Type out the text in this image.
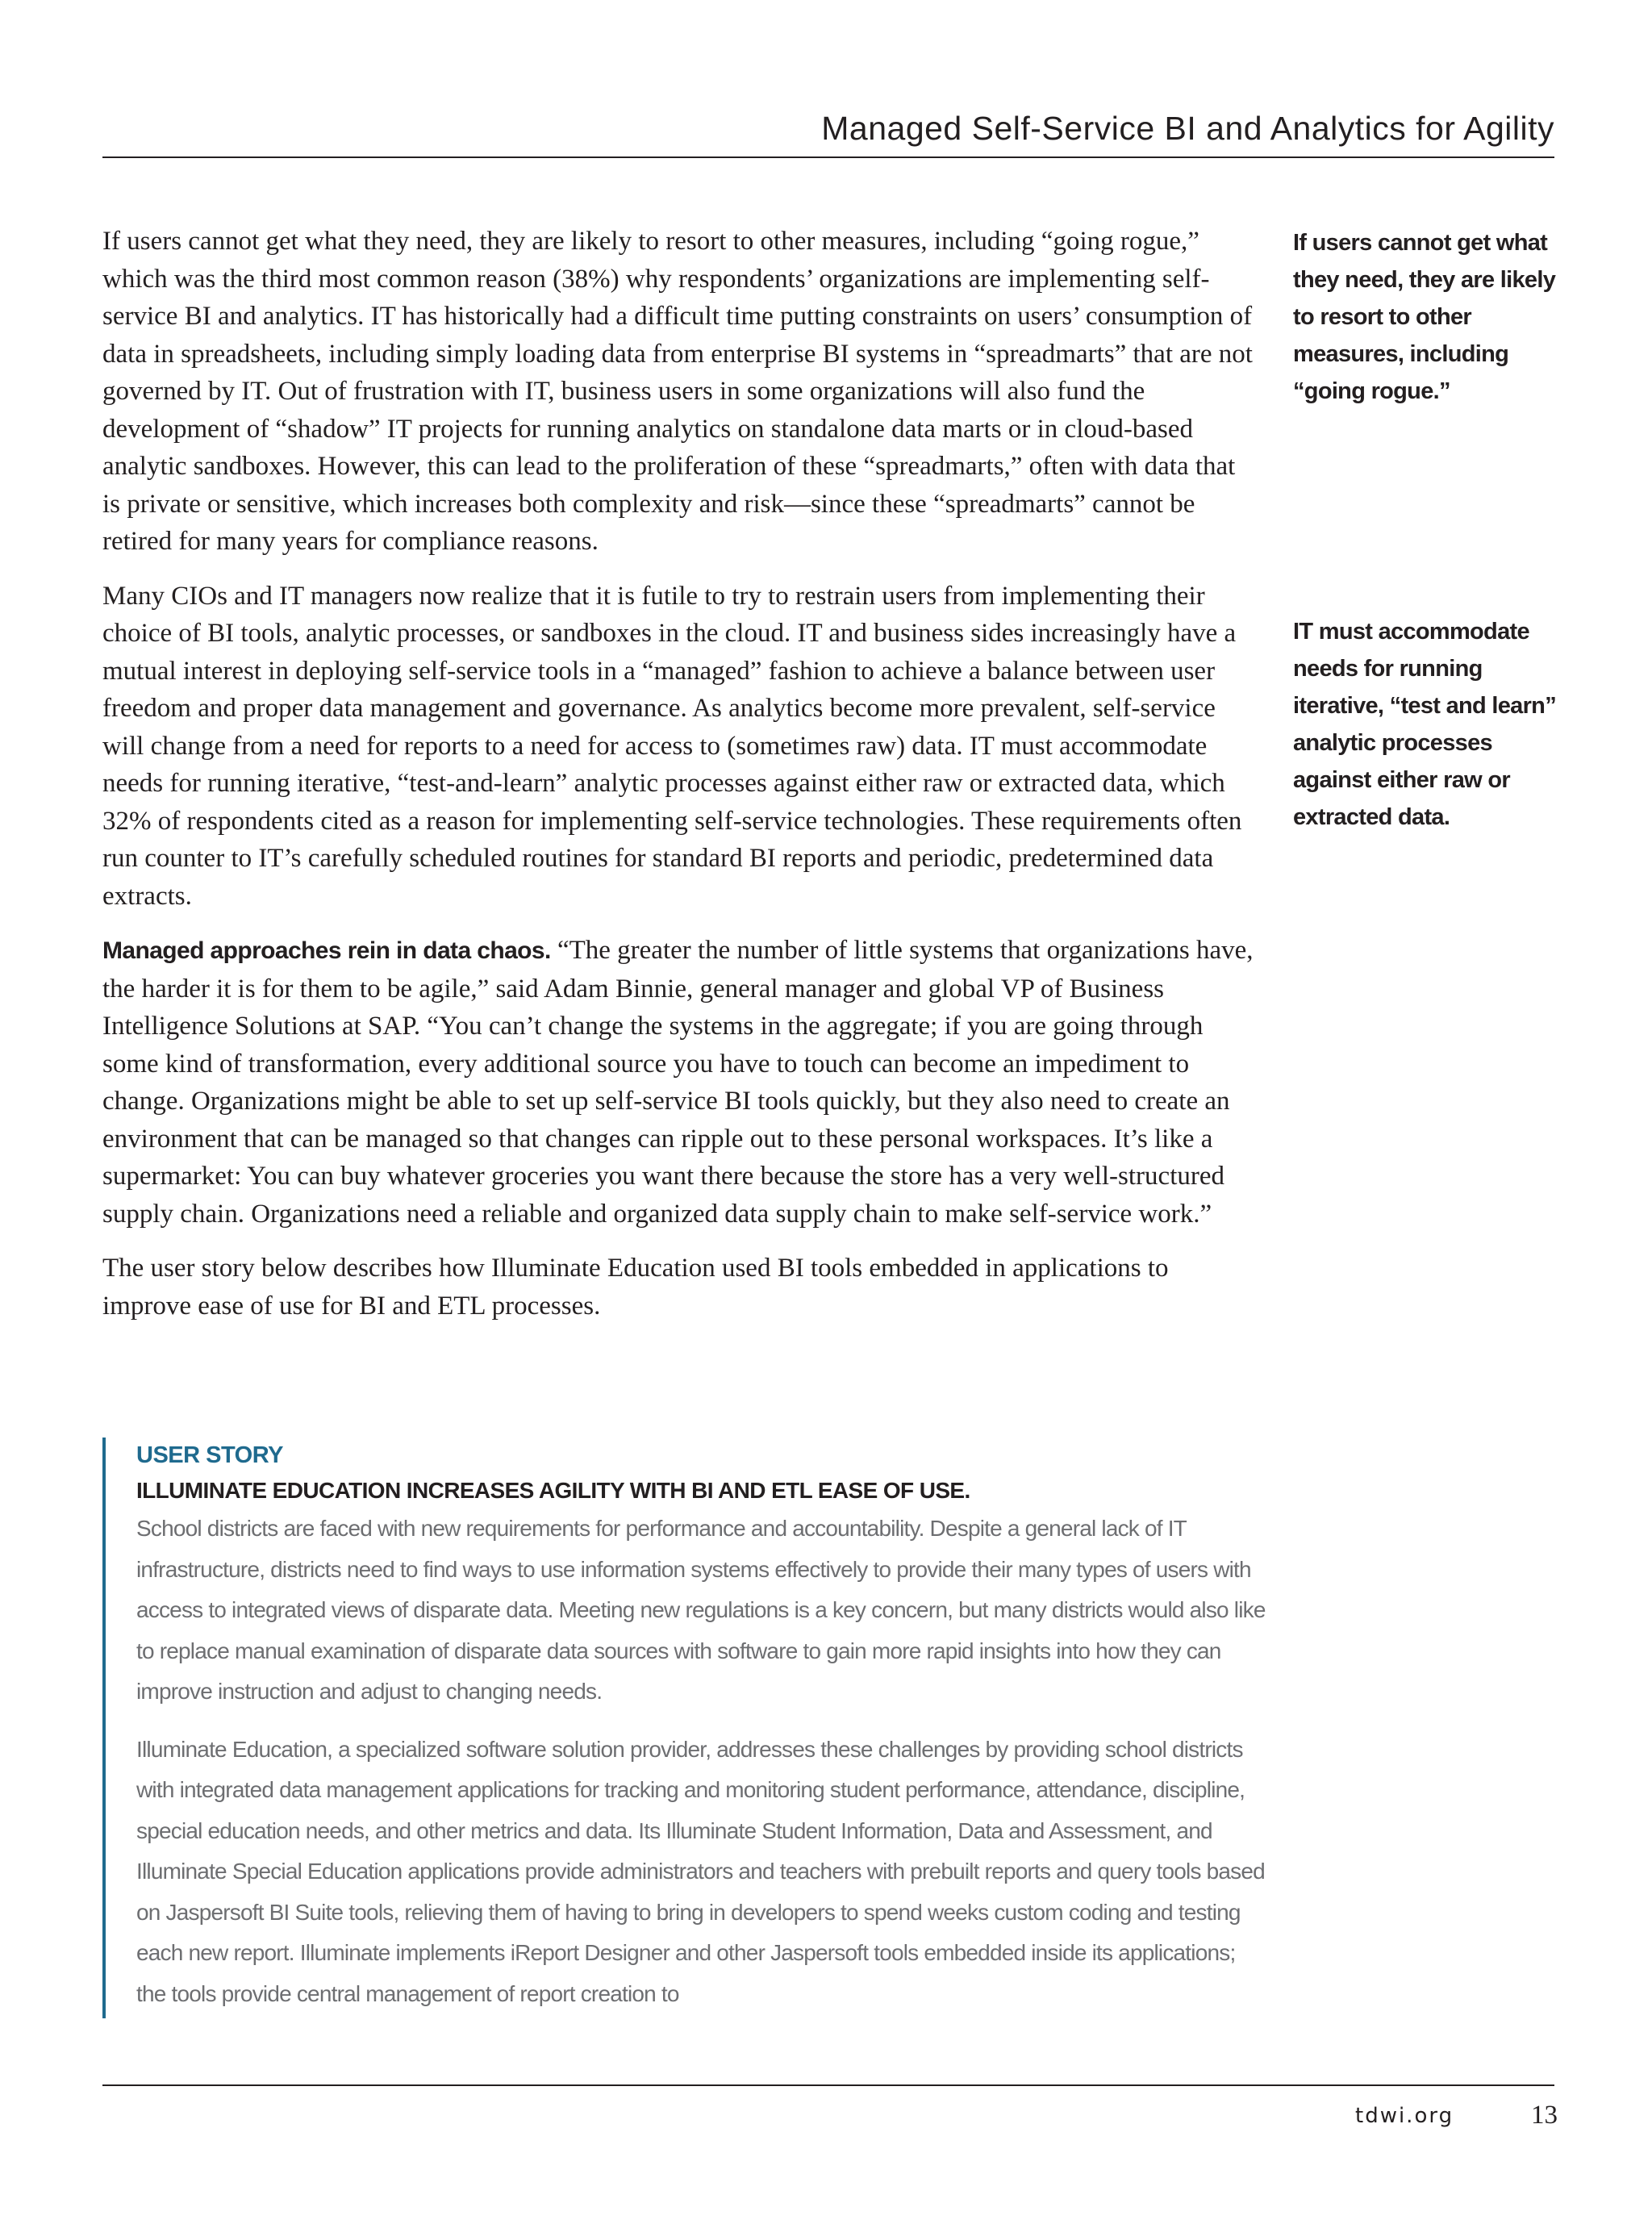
Managed Self-Service BI and Analytics for Agility

If users cannot get what they need, they are likely to resort to other measures, including “going rogue,” which was the third most common reason (38%) why respondents’ organizations are implementing self-service BI and analytics. IT has historically had a difficult time putting constraints on users’ consumption of data in spreadsheets, including simply loading data from enterprise BI systems in “spreadmarts” that are not governed by IT. Out of frustration with IT, business users in some organizations will also fund the development of “shadow” IT projects for running analytics on standalone data marts or in cloud-based analytic sandboxes. However, this can lead to the proliferation of these “spreadmarts,” often with data that is private or sensitive, which increases both complexity and risk—since these “spreadmarts” cannot be retired for many years for compliance reasons.

Many CIOs and IT managers now realize that it is futile to try to restrain users from implementing their choice of BI tools, analytic processes, or sandboxes in the cloud. IT and business sides increasingly have a mutual interest in deploying self-service tools in a “managed” fashion to achieve a balance between user freedom and proper data management and governance. As analytics become more prevalent, self-service will change from a need for reports to a need for access to (sometimes raw) data. IT must accommodate needs for running iterative, “test-and-learn” analytic processes against either raw or extracted data, which 32% of respondents cited as a reason for implementing self-service technologies. These requirements often run counter to IT’s carefully scheduled routines for standard BI reports and periodic, predetermined data extracts.

Managed approaches rein in data chaos. “The greater the number of little systems that organizations have, the harder it is for them to be agile,” said Adam Binnie, general manager and global VP of Business Intelligence Solutions at SAP. “You can’t change the systems in the aggregate; if you are going through some kind of transformation, every additional source you have to touch can become an impediment to change. Organizations might be able to set up self-service BI tools quickly, but they also need to create an environment that can be managed so that changes can ripple out to these personal workspaces. It’s like a supermarket: You can buy whatever groceries you want there because the store has a very well-structured supply chain. Organizations need a reliable and organized data supply chain to make self-service work.”

The user story below describes how Illuminate Education used BI tools embedded in applications to improve ease of use for BI and ETL processes.

If users cannot get what they need, they are likely to resort to other measures, including “going rogue.”
IT must accommodate needs for running iterative, “test and learn” analytic processes against either raw or extracted data.
USER STORY
ILLUMINATE EDUCATION INCREASES AGILITY WITH BI AND ETL EASE OF USE.

School districts are faced with new requirements for performance and accountability. Despite a general lack of IT infrastructure, districts need to find ways to use information systems effectively to provide their many types of users with access to integrated views of disparate data. Meeting new regulations is a key concern, but many districts would also like to replace manual examination of disparate data sources with software to gain more rapid insights into how they can improve instruction and adjust to changing needs.

Illuminate Education, a specialized software solution provider, addresses these challenges by providing school districts with integrated data management applications for tracking and monitoring student performance, attendance, discipline, special education needs, and other metrics and data. Its Illuminate Student Information, Data and Assessment, and Illuminate Special Education applications provide administrators and teachers with prebuilt reports and query tools based on Jaspersoft BI Suite tools, relieving them of having to bring in developers to spend weeks custom coding and testing each new report. Illuminate implements iReport Designer and other Jaspersoft tools embedded inside its applications; the tools provide central management of report creation to

tdwi.org	13
